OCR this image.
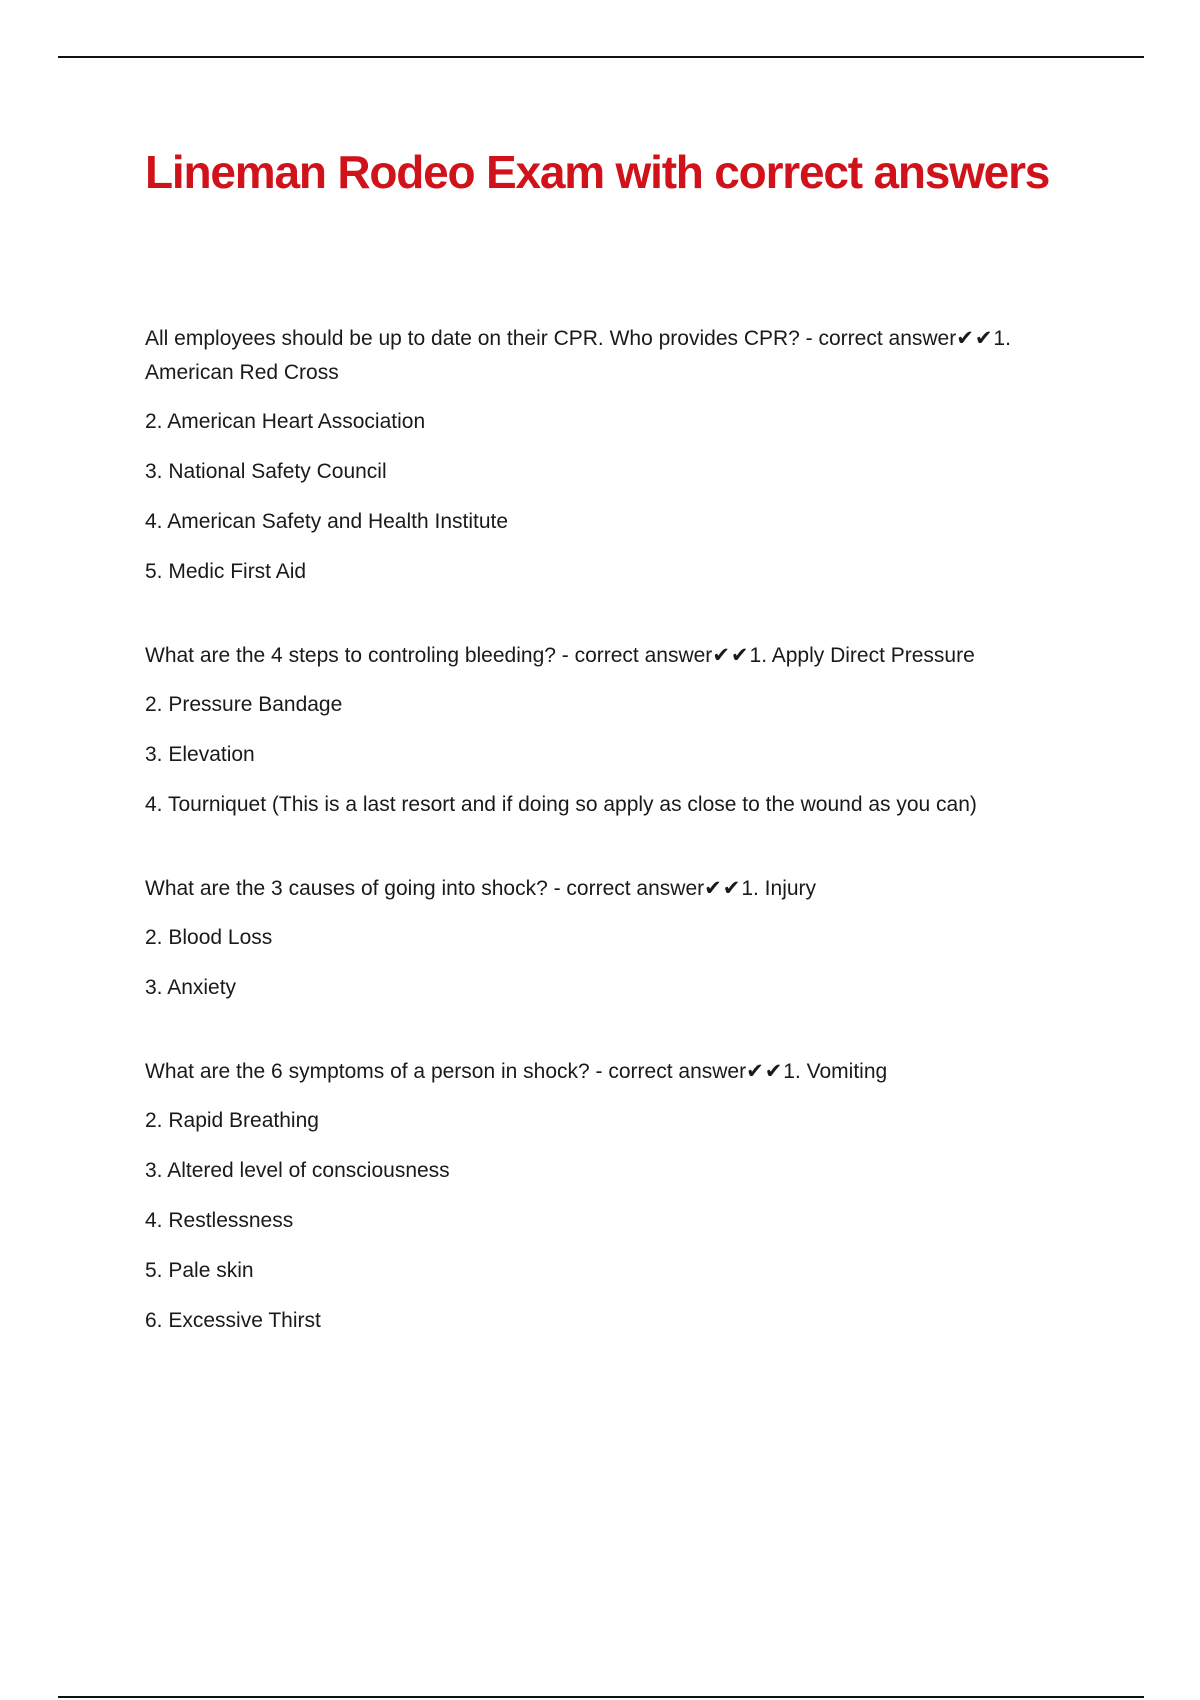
Lineman Rodeo Exam with correct answers

All employees should be up to date on their CPR. Who provides CPR? - correct answer✔✔1. American Red Cross

2. American Heart Association

3. National Safety Council

4. American Safety and Health Institute

5. Medic First Aid

What are the 4 steps to controling bleeding? - correct answer✔✔1. Apply Direct Pressure

2. Pressure Bandage

3. Elevation

4. Tourniquet (This is a last resort and if doing so apply as close to the wound as you can)

What are the 3 causes of going into shock? - correct answer✔✔1. Injury

2. Blood Loss

3. Anxiety

What are the 6 symptoms of a person in shock? - correct answer✔✔1. Vomiting

2. Rapid Breathing

3. Altered level of consciousness

4. Restlessness

5. Pale skin

6. Excessive Thirst
